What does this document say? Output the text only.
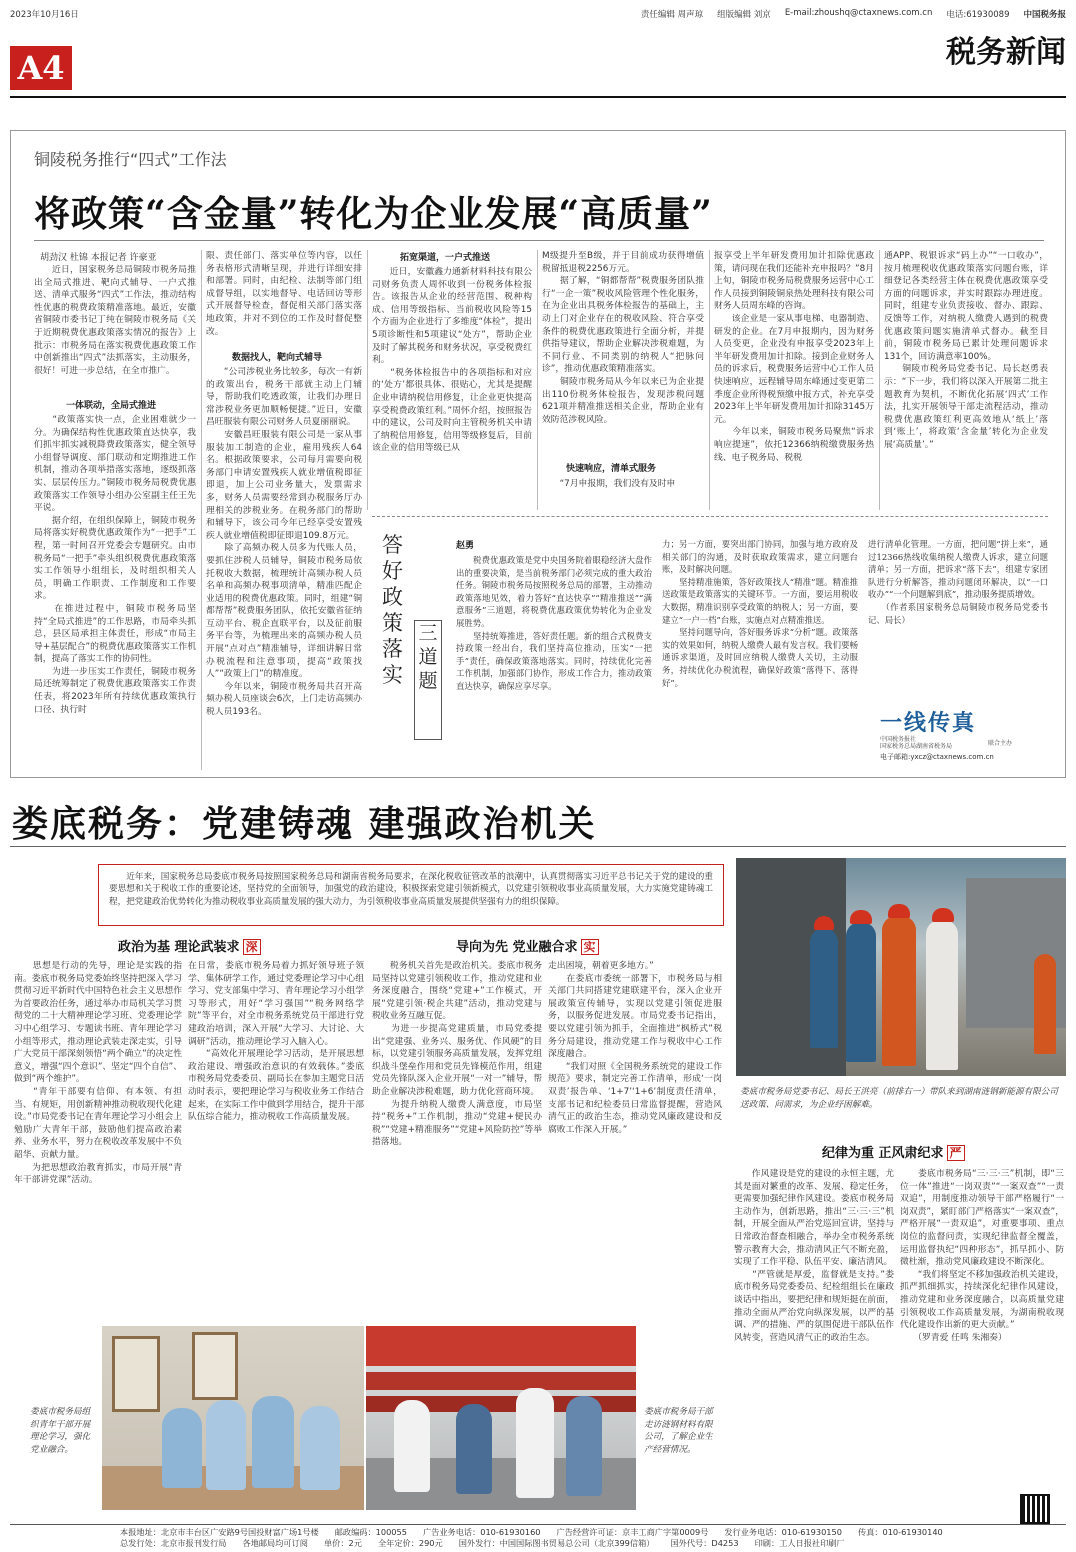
2023年10月16日	责任编辑 周声琼 组版编辑 刘京 E-mail:zhoushq@ctaxnews.com.cn 电话:61930089 中国税务报
A4	税务新闻
铜陵税务推行“四式”工作法
将政策“含金量”转化为企业发展“高质量”
胡劲汉 杜锦 本报记者 许豪亚
　　近日，国家税务总局铜陵市税务局推出全局式推进、靶向式辅导、一户式推送、清单式服务“四式”工作法，推动结构性优惠的税费政策精准落地。最近，安徽省铜陵市委书记丁纯在铜陵市税务局《关于近期税费优惠政策落实情况的报告》上批示：市税务局在落实税费优惠政策工作中创新推出“四式”法抓落实，主动服务，很好！可进一步总结，在全市推广。
一体联动，全局式推进
　　“政策落实快一点，企业困难就少一分。为确保结构性优惠政策直达快享，我们抓牢抓实减税降费政策落实，健全领导小组督导调度、部门联动和定期推进工作机制，推动各项举措落实落地，逐级抓落实、层层传压力。”铜陵市税务局税费优惠政策落实工作领导小组办公室副主任王先平说。
　　据介绍，在组织保障上，铜陵市税务局将落实好税费优惠政策作为“一把手”工程，第一时间召开党委会专题研究。由市税务局“一把手”牵头组织税费优惠政策落实工作领导小组组长，及时组织相关人员，明确工作职责、工作制度和工作要求。
　　在推进过程中，铜陵市税务局坚持“全局式推进”的工作思路，市局牵头抓总，县区局承担主体责任，形成“市局主导+基层配合”的税费优惠政策落实工作机制，提高了落实工作的协同性。
　　为进一步压实工作责任，铜陵市税务局还统筹制定了税费优惠政策落实工作责任表，将2023年所有持续优惠政策执行口径、执行时
限、责任部门、落实单位等内容，以任务表格形式清晰呈现，并进行详细安排和部署。同时，由纪检、法制等部门组成督导组，以实地督导、电话回访等形式开展督导检查，督促相关部门落实落地政策，并对不到位的工作及时督促整改。
数据找人，靶向式辅导
　　“公司涉税业务比较多，每次一有新的政策出台，税务干部就主动上门辅导，帮助我们吃透政策，让我们办理日常涉税业务更加顺畅便捷。”近日，安徽昌旺服装有限公司财务人员夏丽丽说。
　　安徽昌旺服装有限公司是一家从事服装加工制造的企业，雇用残疾人64名。根据政策要求，公司每月需要向税务部门申请安置残疾人就业增值税即征即退，加上公司业务量大，发票需求多，财务人员需要经常到办税服务厅办理相关的涉税业务。在税务部门的帮助和辅导下，该公司今年已经享受安置残疾人就业增值税即征即退109.8万元。
　　除了高频办税人员多为代账人员，要抓住涉税人员辅导，铜陵市税务局依托税收大数据，梳理统计高频办税人员名单和高频办税事项清单，精准匹配企业适用的税费优惠政策。同时，组建“铜都帮帮”税费服务团队，依托安徽省征纳互动平台、税企直联平台，以及征前服务平台等，为梳理出来的高频办税人员开展“点对点”精准辅导，详细讲解日常办税流程和注意事项，提高“政策找人”“政策上门”的精准度。
　　今年以来，铜陵市税务局共召开高频办税人员座谈会6次，上门走访高频办税人员193名。
拓宽渠道，一户式推送
　　近日，安徽鑫力通新材料科技有限公司财务负责人周怀收到一份税务体检报告。该报告从企业的经营范围、税种构成、信用等级指标、当前税收风险等15个方面为企业进行了多维度“体检”，提出5项诊断性和5项建议“处方”，帮助企业及时了解其税务和财务状况，享受税费红利。
　　“税务体检报告中的各项指标和对应的‘处方’都很具体、很贴心，尤其是提醒企业申请纳税信用修复，让企业更快提高享受税费政策红利。”周怀介绍，按照报告中的建议，公司及时向主管税务机关申请了纳税信用修复，信用等级修复后，目前该企业的信用等级已从
M级提升至B级，并于目前成功获得增值税留抵退税2256万元。
　　据了解，“铜都帮帮”税费服务团队推行“一企一策”税收风险管理个性化服务，在为企业出具税务体检报告的基础上，主动上门对企业存在的税收风险、符合享受条件的税费优惠政策进行全面分析，并提供指导建议，帮助企业解决涉税难题，为不同行业、不同类别的纳税人“把脉问诊”，推动优惠政策精准落实。
　　铜陵市税务局从今年以来已为企业提出110份税务体检报告，发现涉税问题621项并精准推送相关企业，帮助企业有效防范涉税风险。
快速响应，清单式服务
　　“7月申报期，我们没有及时申
报享受上半年研发费用加计扣除优惠政策，请问现在我们还能补充申报吗？”8月上旬，铜陵市税务局税费服务运营中心工作人员接到铜陵铜泉热处理科技有限公司财务人员周东峰的咨询。
　　该企业是一家从事电梯、电器制造、研发的企业。在7月申报期内，因为财务人员变更，企业没有申报享受2023年上半年研发费用加计扣除。接到企业财务人员的诉求后，税费服务运营中心工作人员快速响应，远程辅导周东峰通过变更第二季度企业所得税预缴申报方式，补充享受2023年上半年研发费用加计扣除3145万元。
　　今年以来，铜陵市税务局聚焦“诉求响应提速”，依托12366纳税缴费服务热线、电子税务局、税税
通APP、税银诉求“码上办”“一口收办”，按月梳理税收优惠政策落实问题台账，详细登记各类经营主体在税费优惠政策享受方面的问题诉求，并实时跟踪办理进度。同时，组建专业负责接收、督办、跟踪、反馈等工作，对纳税人缴费人遇到的税费优惠政策问题实施清单式督办。截至目前，铜陵市税务局已累计处理问题诉求131个，回访满意率100%。
　　铜陵市税务局党委书记、局长赵勇表示：“下一步，我们将以深入开展第二批主题教育为契机，不断优化拓展‘四式’工作法，扎实开展领导干部走流程活动，推动税费优惠政策红利更高效地从‘纸上’落到‘账上’，将政策‘含金量’转化为企业发展‘高质量’。”
答好政策落实
三道题
赵勇
　　税费优惠政策是党中央国务院着眼稳经济大盘作出的重要决策，是当前税务部门必须完成的重大政治任务。铜陵市税务局按照税务总局的部署，主动推动政策落地见效，着力答好“直达快享”“精准推送”“满意服务”三道题，将税费优惠政策优势转化为企业发展胜势。
　　坚持统筹推进，答好责任题。新的组合式税费支持政策一经出台，我们坚持高位推动，压实“一把手”责任，确保政策落地落实。同时，持续优化完善工作机制，加强部门协作，形成工作合力，推动政策直达快享，确保应享尽享。
力；另一方面，要突出部门协同，加强与地方政府及相关部门的沟通，及时获取政策需求，建立问题台账，及时解决问题。
　　坚持精准施策，答好政策找人“精准”题。精准推送政策是政策落实的关键环节。一方面，要运用税收大数据，精准识别享受政策的纳税人；另一方面，要建立“一户一档”台账，实施点对点精准推送。
　　坚持问题导向，答好服务诉求“分析”题。政策落实的效果如何，纳税人缴费人最有发言权。我们要畅通诉求渠道，及时回应纳税人缴费人关切，主动服务，持续优化办税流程，确保好政策“落得下、落得好”。
进行清单化管理。一方面，把问题“拼上来”，通过12366热线收集纳税人缴费人诉求，建立问题清单；另一方面，把诉求“落下去”，组建专家团队进行分析解答，推动问题闭环解决，以“一口收办”“一个问题解到底”，推动服务提质增效。
　　（作者系国家税务总局铜陵市税务局党委书记、局长）
一线传真
中国税务报社
国家税务总局湖南省税务局	联合主办
电子邮箱:yxcz@ctaxnews.com.cn
娄底税务：党建铸魂 建强政治机关
　　近年来，国家税务总局娄底市税务局按照国家税务总局和湖南省税务局要求，在深化税收征管改革的浪潮中，认真贯彻落实习近平总书记关于党的建设的重要思想和关于税收工作的重要论述，坚持党的全面领导，加强党的政治建设，积极探索党建引领新模式，以党建引领税收事业高质量发展，大力实施党建铸魂工程，把党建政治优势转化为推动税收事业高质量发展的强大动力，为引领税收事业高质量发展提供坚强有力的组织保障。
娄底市税务局党委书记、局长王洪亮（前排右一）带队来到湖南涟钢新能源有限公司送政策、问需求，为企业纾困解难。
政治为基 理论武装求 深
　　思想是行动的先导，理论是实践的指南。娄底市税务局党委始终坚持把深入学习贯彻习近平新时代中国特色社会主义思想作为首要政治任务，通过举办市局机关学习贯彻党的二十大精神理论学习班、党委理论学习中心组学习、专题读书班、青年理论学习小组等形式，推动理论武装走深走实，引导广大党员干部深刻领悟“两个确立”的决定性意义，增强“四个意识”、坚定“四个自信”、做到“两个维护”。
　　“青年干部要有信仰、有本领、有担当、有规矩，用创新精神推动税收现代化建设。”市局党委书记在青年理论学习小组会上勉励广大青年干部，鼓励他们提高政治素养、业务水平，努力在税收改革发展中不负韶华、贡献力量。
　　为把思想政治教育抓实，市局开展“青年干部讲党课”活动。
在日常，娄底市税务局着力抓好领导班子领学、集体研学工作，通过党委理论学习中心组学习、党支部集中学习、青年理论学习小组学习等形式，用好“学习强国”“税务网络学院”等平台，对全市税务系统党员干部进行党建政治培训，深入开展“大学习、大讨论、大调研”活动，推动理论学习入脑入心。
　　“高效化开展理论学习活动，是开展思想政治建设、增强政治意识的有效载体。”娄底市税务局党委委员、副局长在参加主题党日活动时表示，要把理论学习与税收业务工作结合起来，在实际工作中做到学用结合，提升干部队伍综合能力，推动税收工作高质量发展。
导向为先 党业融合求 实
　　税务机关首先是政治机关。娄底市税务局坚持以党建引领税收工作，推动党建和业务深度融合，围绕“党建+”工作模式，开展“党建引领·税企共建”活动，推动党建与税收业务互融互促。
　　为进一步提高党建质量，市局党委提出“党建强、业务兴、服务优、作风硬”的目标，以党建引领服务高质量发展，发挥党组织战斗堡垒作用和党员先锋模范作用，组建党员先锋队深入企业开展“一对一”辅导，帮助企业解决涉税难题，助力优化营商环境。
　　为提升纳税人缴费人满意度，市局坚持“税务+”工作机制，推动“党建+便民办税”“党建+精准服务”“党建+风险防控”等举措落地。
走出困境，朝着更多地方。”
　　在娄底市委统一部署下，市税务局与相关部门共同搭建党建联建平台，深入企业开展政策宣传辅导，实现以党建引领促进服务，以服务促进发展。市局党委书记指出，要以党建引领为抓手，全面推进“枫桥式”税务分局建设，推动党建工作与税收中心工作深度融合。
　　“我们对照《全国税务系统党的建设工作规范》要求，制定完善工作清单，形成‘一岗双责’报告单、‘1+7’‘1+6’制度责任清单，支部书记和纪检委员日常监督提醒，营造风清气正的政治生态，推动党风廉政建设和反腐败工作深入开展。”
娄底市税务局组织青年干部开展理论学习，强化党业融合。
娄底市税务局干部走访涟钢材料有限公司，了解企业生产经营情况。
纪律为重 正风肃纪求 严
　　作风建设是党的建设的永恒主题，尤其是面对繁重的改革、发展、稳定任务，更需要加强纪律作风建设。娄底市税务局主动作为，创新思路，推出“三·三·三”机制，开展全面从严治党巡回宣讲，坚持与日常政治督查相融合，举办全市税务系统警示教育大会，推动清风正气不断充盈，实现了工作平稳、队伍平安、廉洁清风。
　　“严管就是厚爱，监督就是支持。”娄底市税务局党委委员、纪检组组长在廉政谈话中指出，要把纪律和规矩挺在前面，推动全面从严治党向纵深发展，以严的基调、严的措施、严的氛围促进干部队伍作风转变，营造风清气正的政治生态。
　　娄底市税务局“三·三·三”机制，即“三位一体”推进“一岗双责”“一案双查”“一责双追”，用制度推动领导干部严格履行“一岗双责”，紧盯部门严格落实“一案双查”，严格开展“一责双追”，对重要事项、重点岗位的监督问责，实现纪律监督全覆盖，运用监督执纪“四种形态”，抓早抓小、防微杜渐，推动党风廉政建设不断深化。
　　“我们将坚定不移加强政治机关建设，抓严抓细抓实，持续深化纪律作风建设，推动党建和业务深度融合，以高质量党建引领税收工作高质量发展，为湖南税收现代化建设作出新的更大贡献。”
　　（罗青爱 任鸣 朱湘奏）
本报地址：北京市丰台区广安路9号国投财富广场1号楼 邮政编码：100055 广告业务电话：010-61930160 广告经营许可证：京丰工商广字第0009号 发行业务电话：010-61930150 传真：010-61930140
总发行处：北京市报刊发行局 各地邮局均可订阅 单价：2元 全年定价：290元 国外发行：中国国际图书贸易总公司（北京399信箱） 国外代号：D4253 印刷：工人日报社印刷厂
